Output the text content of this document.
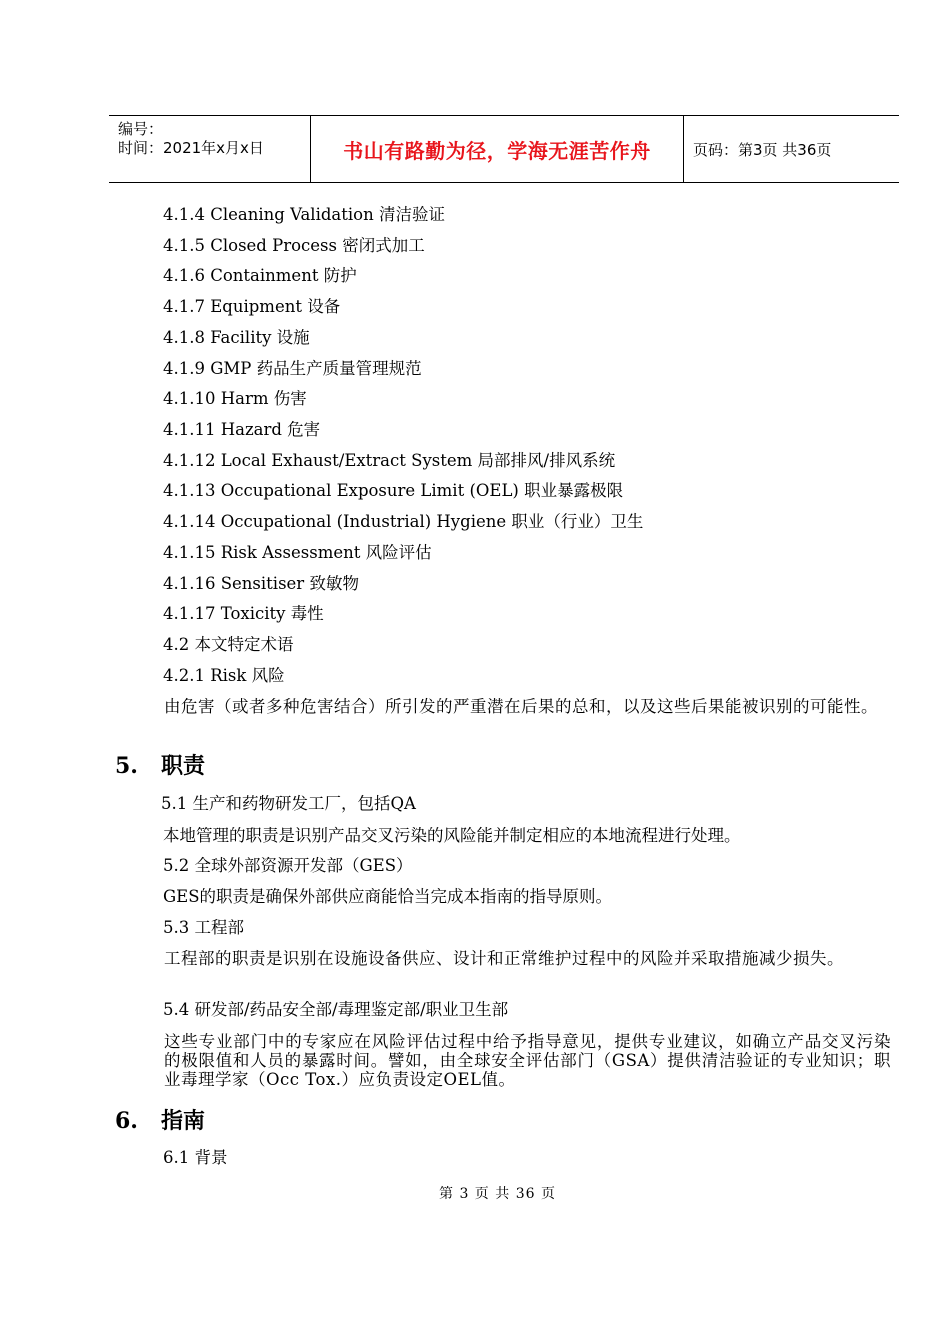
编号：
时间：2021年x月x日	书山有路勤为径，学海无涯苦作舟	页码：第3页 共36页
4.1.4 Cleaning Validation 清洁验证
4.1.5 Closed Process 密闭式加工
4.1.6 Containment 防护
4.1.7 Equipment 设备
4.1.8 Facility 设施
4.1.9 GMP 药品生产质量管理规范
4.1.10 Harm 伤害
4.1.11 Hazard 危害
4.1.12 Local Exhaust/Extract System 局部排风/排风系统
4.1.13 Occupational Exposure Limit (OEL) 职业暴露极限
4.1.14 Occupational (Industrial) Hygiene 职业（行业）卫生
4.1.15 Risk Assessment 风险评估
4.1.16 Sensitiser 致敏物
4.1.17 Toxicity 毒性
4.2 本文特定术语
4.2.1 Risk 风险
由危害（或者多种危害结合）所引发的严重潜在后果的总和，以及这些后果能被识别的可能性。
5. 职责
5.1 生产和药物研发工厂，包括QA
本地管理的职责是识别产品交叉污染的风险能并制定相应的本地流程进行处理。
5.2 全球外部资源开发部（GES）
GES的职责是确保外部供应商能恰当完成本指南的指导原则。
5.3 工程部
工程部的职责是识别在设施设备供应、设计和正常维护过程中的风险并采取措施减少损失。
5.4 研发部/药品安全部/毒理鉴定部/职业卫生部
这些专业部门中的专家应在风险评估过程中给予指导意见，提供专业建议，如确立产品交叉污染的极限值和人员的暴露时间。譬如，由全球安全评估部门（GSA）提供清洁验证的专业知识；职业毒理学家（Occ Tox.）应负责设定OEL值。
6. 指南
6.1 背景
第 3 页 共 36 页
